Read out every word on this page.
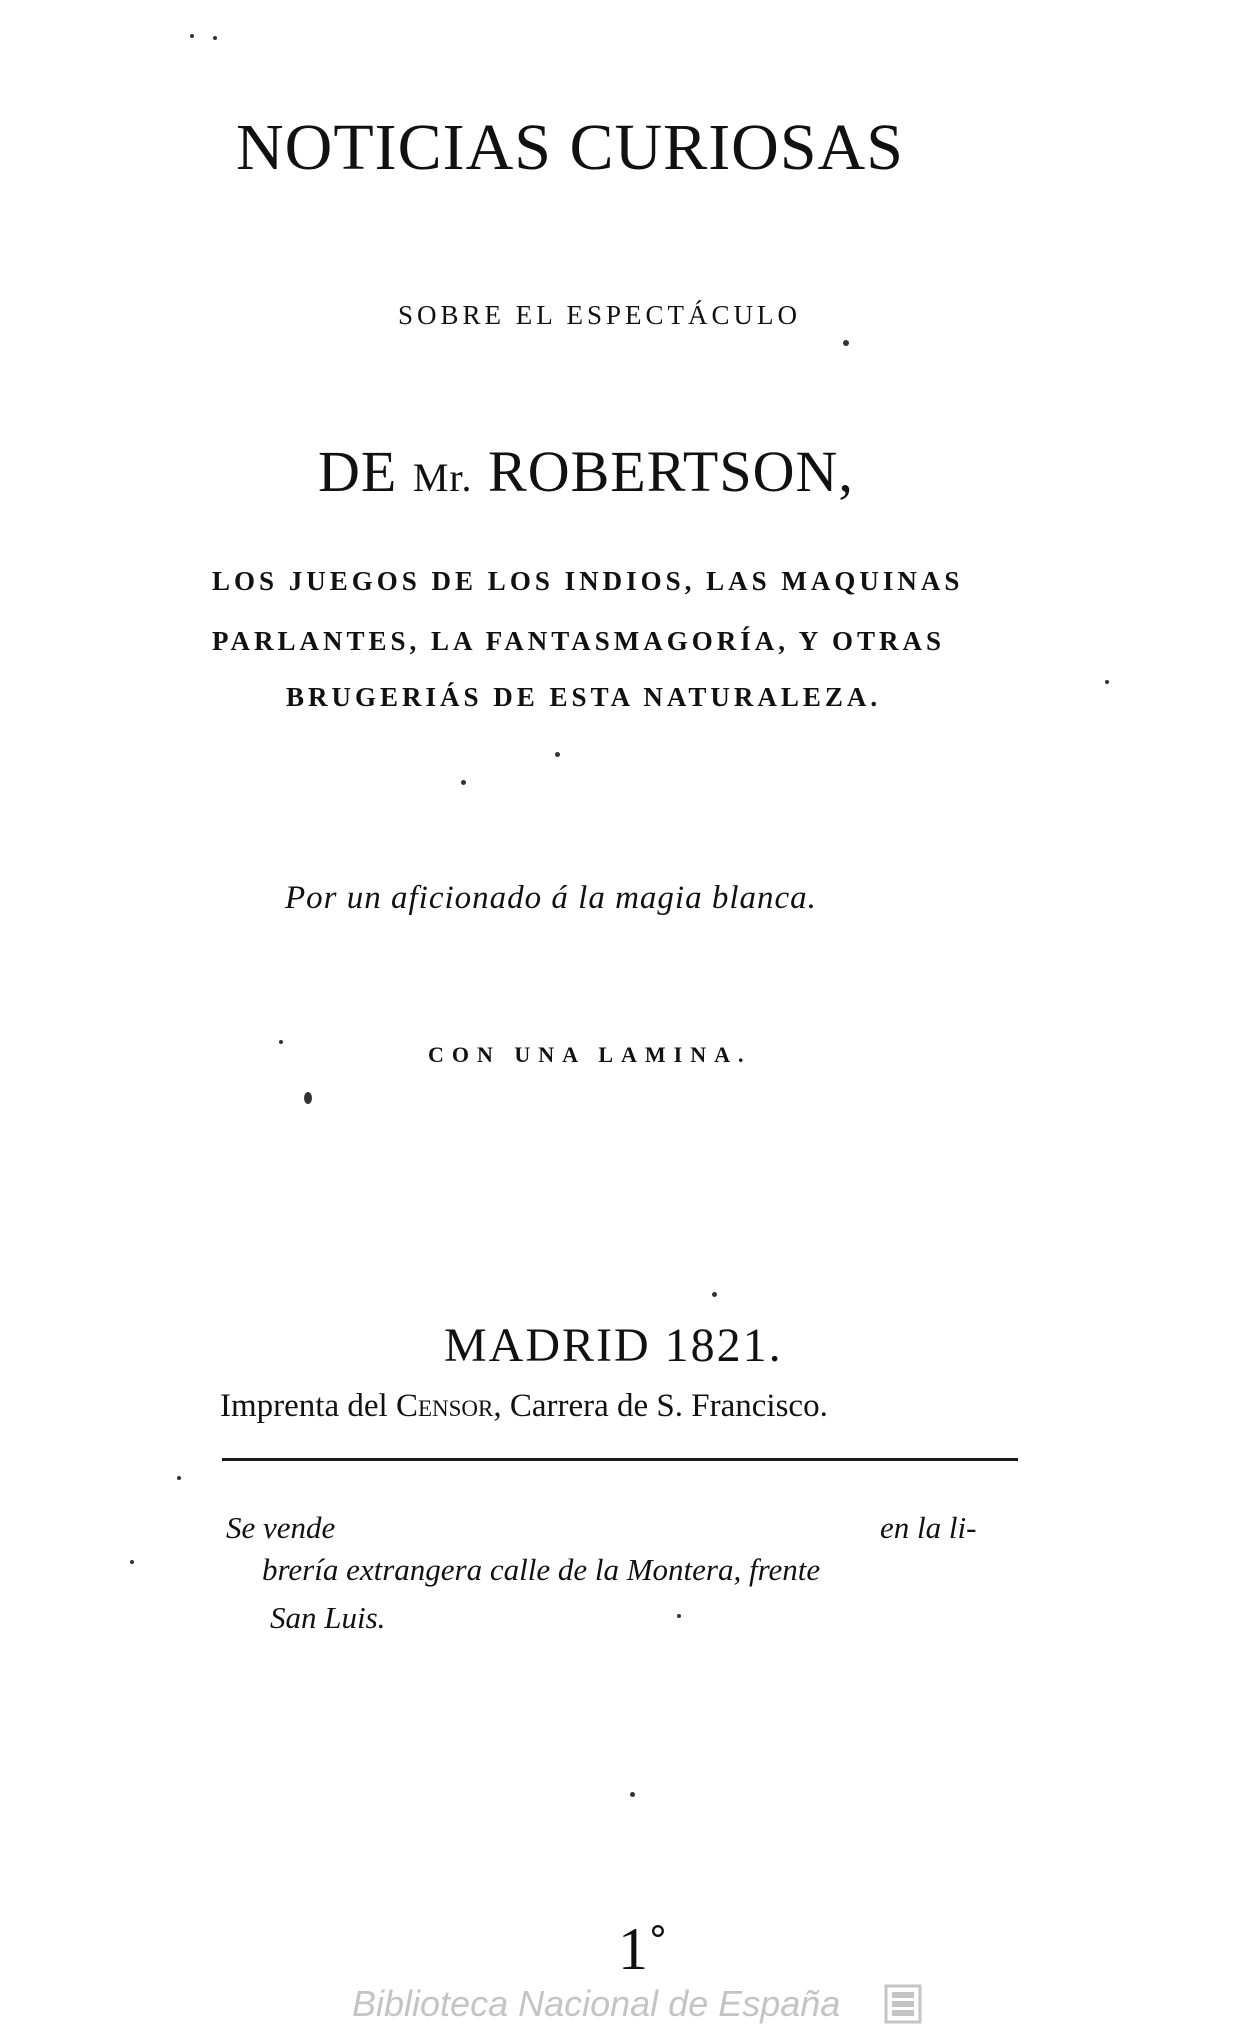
NOTICIAS CURIOSAS
SOBRE EL ESPECTÁCULO
DE Mr. ROBERTSON,
LOS JUEGOS DE LOS INDIOS, LAS MAQUINAS
PARLANTES, LA FANTASMAGORÍA, Y OTRAS
BRUGERIÁS DE ESTA NATURALEZA.
Por un aficionado á la magia blanca.
CON UNA LAMINA.
MADRID 1821.
Imprenta del Censor, Carrera de S. Francisco.
Se vende	en la li-
brería extrangera calle de la Montera, frente
San Luis.
1˚
Biblioteca Nacional de España
